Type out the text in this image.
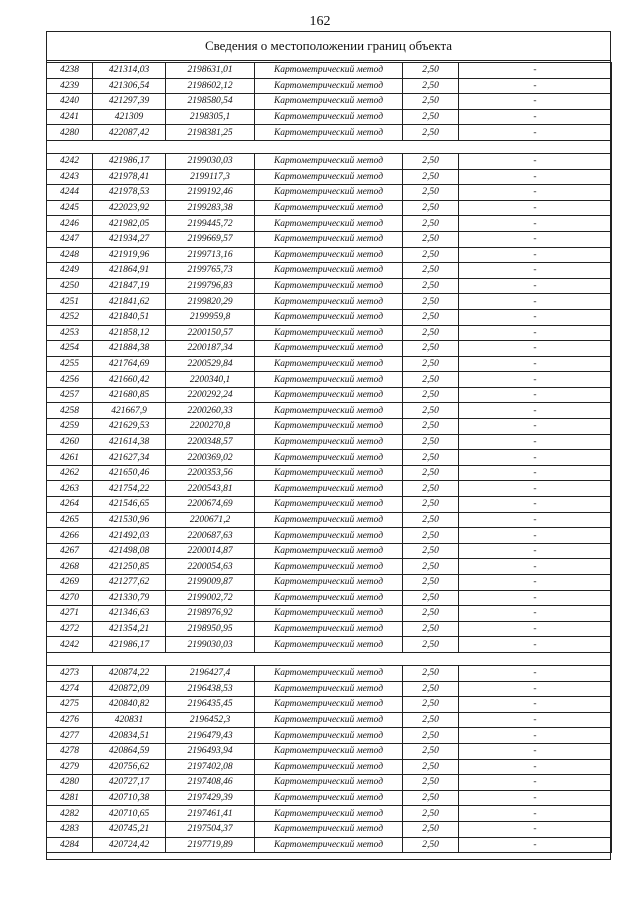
162
Сведения о местоположении границ объекта
4238	421314,03	2198631,01	Картометрический метод	2,50	-
4239	421306,54	2198602,12	Картометрический метод	2,50	-
4240	421297,39	2198580,54	Картометрический метод	2,50	-
4241	421309	2198305,1	Картометрический метод	2,50	-
4280	422087,42	2198381,25	Картометрический метод	2,50	-

4242	421986,17	2199030,03	Картометрический метод	2,50	-
4243	421978,41	2199117,3	Картометрический метод	2,50	-
4244	421978,53	2199192,46	Картометрический метод	2,50	-
4245	422023,92	2199283,38	Картометрический метод	2,50	-
4246	421982,05	2199445,72	Картометрический метод	2,50	-
4247	421934,27	2199669,57	Картометрический метод	2,50	-
4248	421919,96	2199713,16	Картометрический метод	2,50	-
4249	421864,91	2199765,73	Картометрический метод	2,50	-
4250	421847,19	2199796,83	Картометрический метод	2,50	-
4251	421841,62	2199820,29	Картометрический метод	2,50	-
4252	421840,51	2199959,8	Картометрический метод	2,50	-
4253	421858,12	2200150,57	Картометрический метод	2,50	-
4254	421884,38	2200187,34	Картометрический метод	2,50	-
4255	421764,69	2200529,84	Картометрический метод	2,50	-
4256	421660,42	2200340,1	Картометрический метод	2,50	-
4257	421680,85	2200292,24	Картометрический метод	2,50	-
4258	421667,9	2200260,33	Картометрический метод	2,50	-
4259	421629,53	2200270,8	Картометрический метод	2,50	-
4260	421614,38	2200348,57	Картометрический метод	2,50	-
4261	421627,34	2200369,02	Картометрический метод	2,50	-
4262	421650,46	2200353,56	Картометрический метод	2,50	-
4263	421754,22	2200543,81	Картометрический метод	2,50	-
4264	421546,65	2200674,69	Картометрический метод	2,50	-
4265	421530,96	2200671,2	Картометрический метод	2,50	-
4266	421492,03	2200687,63	Картометрический метод	2,50	-
4267	421498,08	2200014,87	Картометрический метод	2,50	-
4268	421250,85	2200054,63	Картометрический метод	2,50	-
4269	421277,62	2199009,87	Картометрический метод	2,50	-
4270	421330,79	2199002,72	Картометрический метод	2,50	-
4271	421346,63	2198976,92	Картометрический метод	2,50	-
4272	421354,21	2198950,95	Картометрический метод	2,50	-
4242	421986,17	2199030,03	Картометрический метод	2,50	-

4273	420874,22	2196427,4	Картометрический метод	2,50	-
4274	420872,09	2196438,53	Картометрический метод	2,50	-
4275	420840,82	2196435,45	Картометрический метод	2,50	-
4276	420831	2196452,3	Картометрический метод	2,50	-
4277	420834,51	2196479,43	Картометрический метод	2,50	-
4278	420864,59	2196493,94	Картометрический метод	2,50	-
4279	420756,62	2197402,08	Картометрический метод	2,50	-
4280	420727,17	2197408,46	Картометрический метод	2,50	-
4281	420710,38	2197429,39	Картометрический метод	2,50	-
4282	420710,65	2197461,41	Картометрический метод	2,50	-
4283	420745,21	2197504,37	Картометрический метод	2,50	-
4284	420724,42	2197719,89	Картометрический метод	2,50	-
